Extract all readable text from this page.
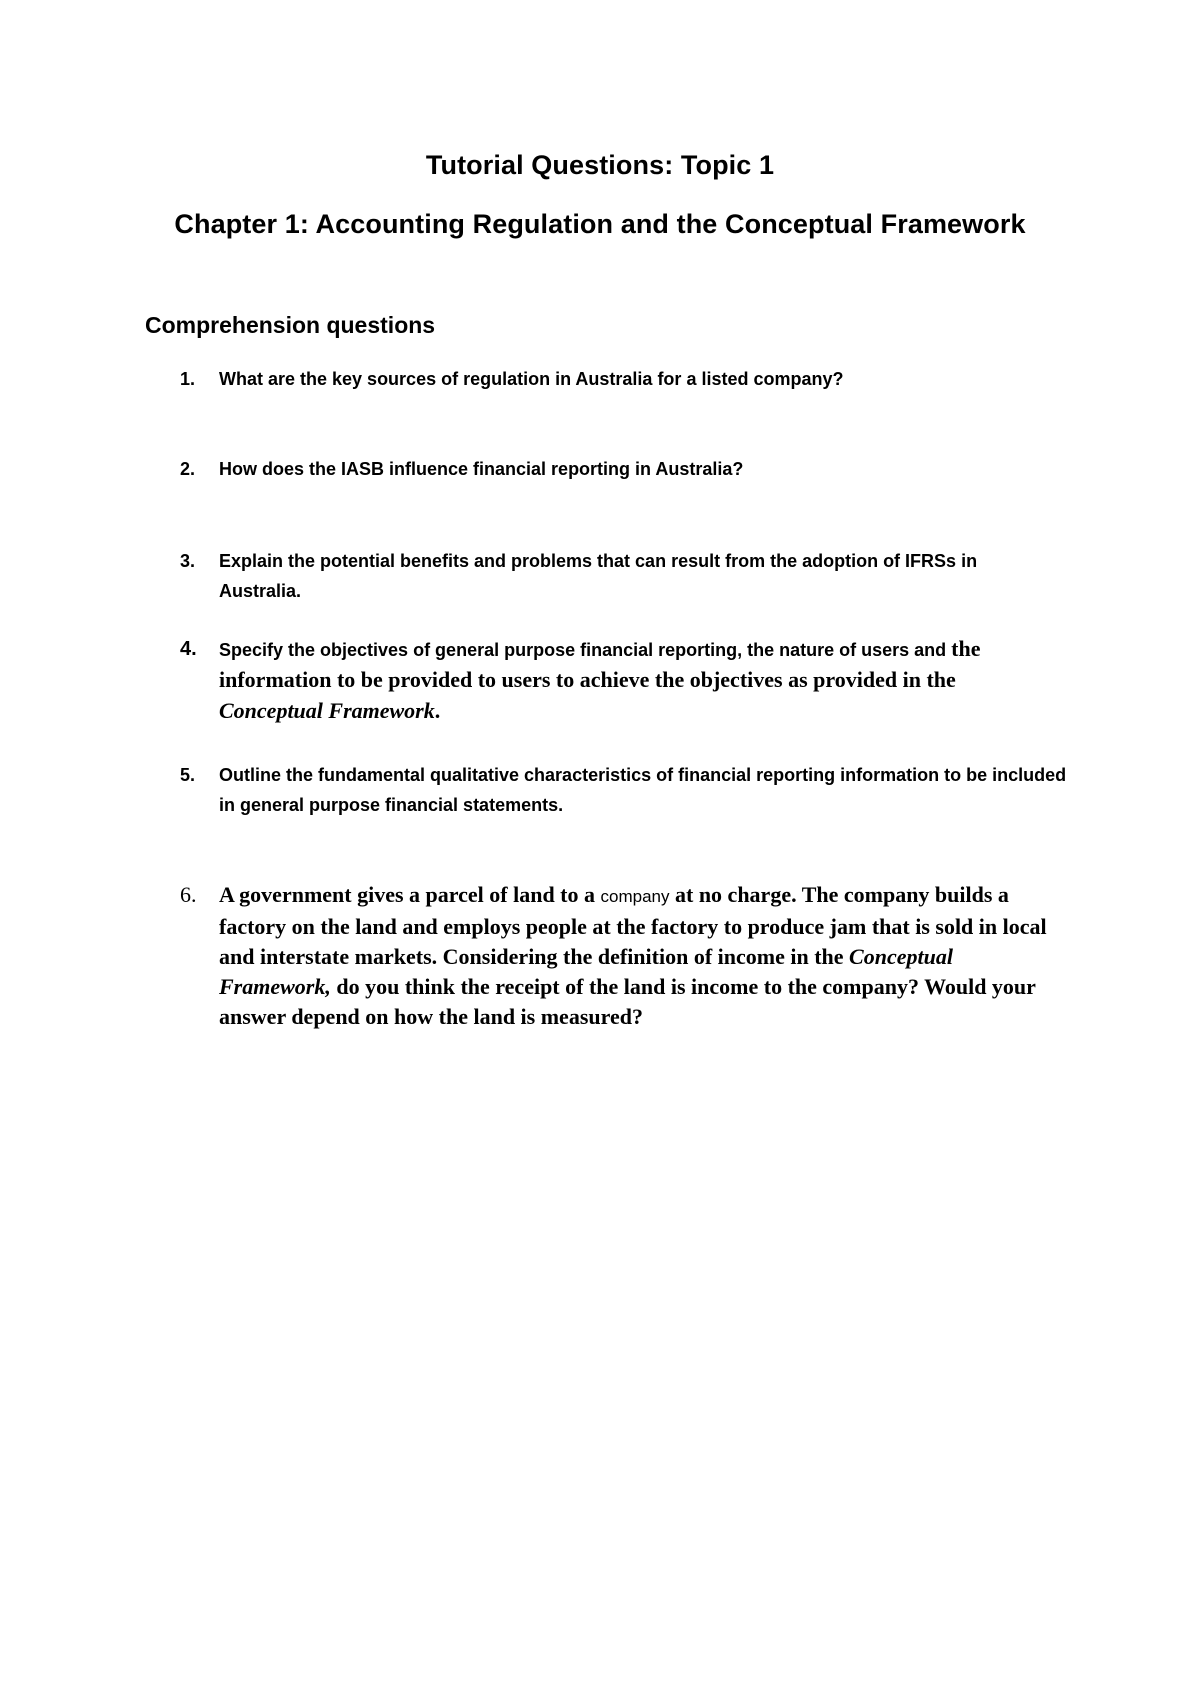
Tutorial Questions: Topic 1
Chapter 1: Accounting Regulation and the Conceptual Framework
Comprehension questions
1. What are the key sources of regulation in Australia for a listed company?
2. How does the IASB influence financial reporting in Australia?
3. Explain the potential benefits and problems that can result from the adoption of IFRSs in Australia.
4. Specify the objectives of general purpose financial reporting, the nature of users and the information to be provided to users to achieve the objectives as provided in the Conceptual Framework.
5. Outline the fundamental qualitative characteristics of financial reporting information to be included in general purpose financial statements.
6. A government gives a parcel of land to a company at no charge. The company builds a factory on the land and employs people at the factory to produce jam that is sold in local and interstate markets. Considering the definition of income in the Conceptual Framework, do you think the receipt of the land is income to the company? Would your answer depend on how the land is measured?
